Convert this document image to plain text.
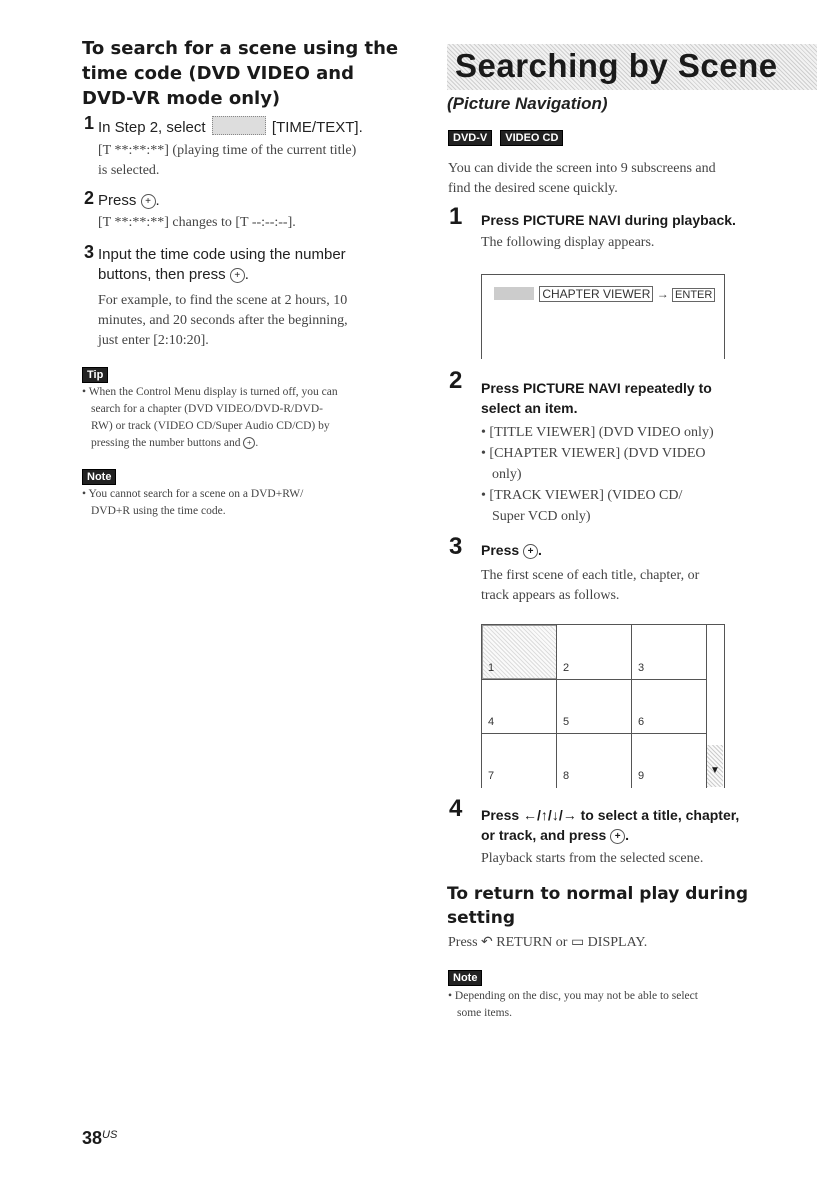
To search for a scene using the
time code (DVD VIDEO and
DVD-VR mode only)
1 In Step 2, select	[TIME/TEXT].
[T **:**:**] (playing time of the current title)
is selected.
2 Press + .
[T **:**:**] changes to [T --:--:--].
3 Input the time code using the number
buttons, then press + .
For example, to find the scene at 2 hours, 10
minutes, and 20 seconds after the beginning,
just enter [2:10:20].
Tip
• When the Control Menu display is turned off, you can
search for a chapter (DVD VIDEO/DVD-R/DVD-
RW) or track (VIDEO CD/Super Audio CD/CD) by
pressing the number buttons and + .
Note
• You cannot search for a scene on a DVD+RW/
DVD+R using the time code.
Searching by Scene
(Picture Navigation)
DVD-V VIDEO CD
You can divide the screen into 9 subscreens and
find the desired scene quickly.
1 Press PICTURE NAVI during playback.
The following display appears.
CHAPTER VIEWER → ENTER
2 Press PICTURE NAVI repeatedly to
select an item.
• [TITLE VIEWER] (DVD VIDEO only)
• [CHAPTER VIEWER] (DVD VIDEO
only)
• [TRACK VIEWER] (VIDEO CD/
Super VCD only)
3 Press + .
The first scene of each title, chapter, or
track appears as follows.
▼
1	2	3
4	5	6
7	8	9
4 Press ←/↑/↓/→ to select a title, chapter,
or track, and press + .
Playback starts from the selected scene.
To return to normal play during
setting
Press ↶ RETURN or ▭ DISPLAY.
Note
• Depending on the disc, you may not be able to select
some items.
$38^{US}$
